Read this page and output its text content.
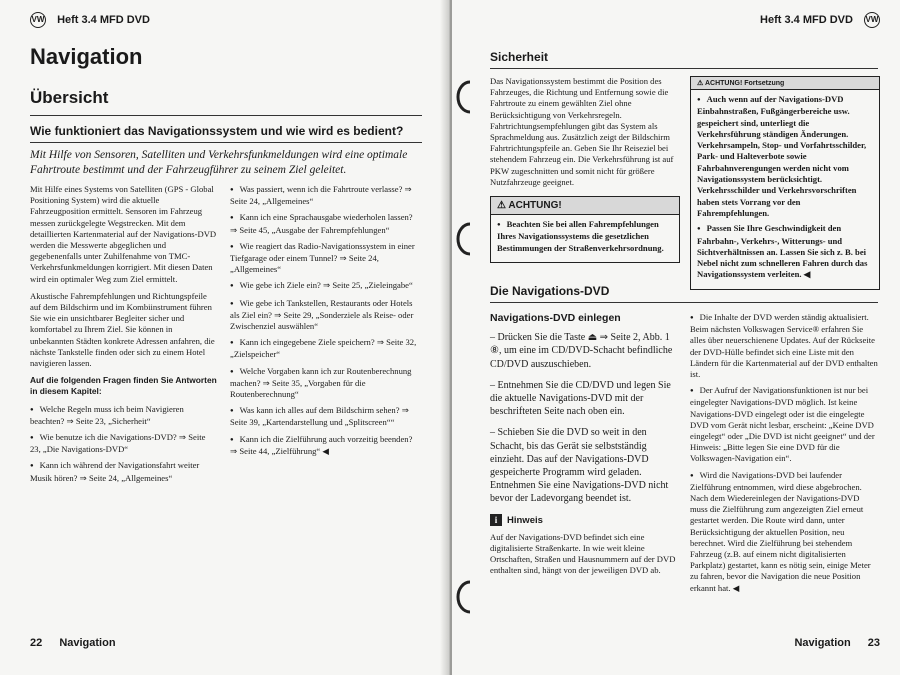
VW Heft 3.4 MFD DVD
Navigation
Übersicht
Wie funktioniert das Navigationssystem und wie wird es bedient?
Mit Hilfe von Sensoren, Satelliten und Verkehrsfunkmeldungen wird eine optimale Fahrtroute bestimmt und der Fahrzeugführer zu seinem Ziel geleitet.

Mit Hilfe eines Systems von Satelliten (GPS - Global Positioning System) wird die aktuelle Fahrzeugposition ermittelt. Sensoren im Fahrzeug messen zurückgelegte Wegstrecken. Mit dem detaillierten Kartenmaterial auf der Navigations-DVD werden die Messwerte abgeglichen und gegebenenfalls unter Zuhilfenahme von TMC-Verkehrsfunkmeldungen korrigiert. Mit diesen Daten wird ein optimaler Weg zum Ziel ermittelt.

Akustische Fahrempfehlungen und Richtungspfeile auf dem Bildschirm und im Kombiinstrument führen Sie wie ein unsichtbarer Begleiter sicher und komfortabel zu Ihrem Ziel. Sie können in unbekannten Städten konkrete Adressen anfahren, die nächste Tankstelle finden oder sich zu einem Hotel navigieren lassen.

Auf die folgenden Fragen finden Sie Antworten in diesem Kapitel:

● Welche Regeln muss ich beim Navigieren beachten? ⇒ Seite 23, „Sicherheit“

● Wie benutze ich die Navigations-DVD? ⇒ Seite 23, „Die Navigations-DVD“

● Kann ich während der Navigationsfahrt weiter Musik hören? ⇒ Seite 24, „Allgemeines“

● Was passiert, wenn ich die Fahrtroute verlasse? ⇒ Seite 24, „Allgemeines“

● Kann ich eine Sprachausgabe wiederholen lassen? ⇒ Seite 45, „Ausgabe der Fahrempfehlungen“

● Wie reagiert das Radio-Navigationssystem in einer Tiefgarage oder einem Tunnel? ⇒ Seite 24, „Allgemeines“

● Wie gebe ich Ziele ein? ⇒ Seite 25, „Zieleingabe“

● Wie gebe ich Tankstellen, Restaurants oder Hotels als Ziel ein? ⇒ Seite 29, „Sonderziele als Reise- oder Zwischenziel auswählen“

● Kann ich eingegebene Ziele speichern? ⇒ Seite 32, „Zielspeicher“

● Welche Vorgaben kann ich zur Routenberechnung machen? ⇒ Seite 35, „Vorgaben für die Routenberechnung“

● Was kann ich alles auf dem Bildschirm sehen? ⇒ Seite 39, „Kartendarstellung und „Splitscreen““

● Kann ich die Zielführung auch vorzeitig beenden? ⇒ Seite 44, „Zielführung“ ◀

22 Navigation
Heft 3.4 MFD DVD VW
Sicherheit

Das Navigationssystem bestimmt die Position des Fahrzeuges, die Richtung und Entfernung sowie die Fahrtroute zu einem gewählten Ziel ohne Berücksichtigung von Verkehrsregeln. Fahrtrichtungsempfehlungen gibt das System als Sprachmeldung aus. Zusätzlich zeigt der Bildschirm Fahrtrichtungspfeile an. Geben Sie Ihr Reiseziel bei stehendem Fahrzeug ein. Die Verkehrsführung ist auf PKW zugeschnitten und somit nicht für größere Nutzfahrzeuge geeignet.

⚠ ACHTUNG!

● Beachten Sie bei allen Fahrempfehlungen Ihres Navigationssystems die gesetzlichen Bestimmungen der Straßenverkehrsordnung.

⚠ ACHTUNG! Fortsetzung

● Auch wenn auf der Navigations-DVD Einbahnstraßen, Fußgängerbereiche usw. gespeichert sind, unterliegt die Verkehrsführung ständigen Änderungen. Verkehrsampeln, Stop- und Vorfahrtsschilder, Park- und Halteverbote sowie Fahrbahnverengungen werden nicht vom Navigationssystem berücksichtigt. Verkehrsschilder und Verkehrsvorschriften haben stets Vorrang vor den Fahrempfehlungen.

● Passen Sie Ihre Geschwindigkeit den Fahrbahn-, Verkehrs-, Witterungs- und Sichtverhältnissen an. Lassen Sie sich z. B. bei Nebel nicht zum schnelleren Fahren durch das Navigationssystem verleiten. ◀

Die Navigations-DVD

Navigations-DVD einlegen

– Drücken Sie die Taste ⏏ ⇒ Seite 2, Abb. 1 ⑧, um eine im CD/DVD-Schacht befindliche CD/DVD auszuschieben.

– Entnehmen Sie die CD/DVD und legen Sie die aktuelle Navigations-DVD mit der beschrifteten Seite nach oben ein.

– Schieben Sie die DVD so weit in den Schacht, bis das Gerät sie selbstständig einzieht. Das auf der Navigations-DVD gespeicherte Programm wird geladen. Entnehmen Sie eine Navigations-DVD nicht bevor der Ladevorgang beendet ist.

i Hinweis

Auf der Navigations-DVD befindet sich eine digitalisierte Straßenkarte. In wie weit kleine Ortschaften, Straßen und Hausnummern auf der DVD enthalten sind, hängt von der jeweiligen DVD ab.

● Die Inhalte der DVD werden ständig aktualisiert. Beim nächsten Volkswagen Service® erfahren Sie alles über neuerschienene Updates. Auf der Rückseite der DVD-Hülle befindet sich eine Liste mit den Ländern für die Kartenmaterial auf der DVD enthalten ist.

● Der Aufruf der Navigationsfunktionen ist nur bei eingelegter Navigations-DVD möglich. Ist keine Navigations-DVD eingelegt oder ist die eingelegte DVD vom Gerät nicht lesbar, erscheint: „Keine DVD eingelegt“ oder „Die DVD ist nicht geeignet“ und der Hinweis: „Bitte legen Sie eine DVD für die Volkswagen-Navigation ein“.

● Wird die Navigations-DVD bei laufender Zielführung entnommen, wird diese abgebrochen. Nach dem Wiedereinlegen der Navigations-DVD muss die Zielführung zum angezeigten Ziel erneut gestartet werden. Die Route wird dann, unter Berücksichtigung der aktuellen Position, neu berechnet. Wird die Zielführung bei stehendem Fahrzeug (z.B. auf einem nicht digitalisierten Parkplatz) gestartet, kann es nötig sein, einige Meter zu fahren, bevor die Navigation die neue Position erkannt hat. ◀

Navigation 23
